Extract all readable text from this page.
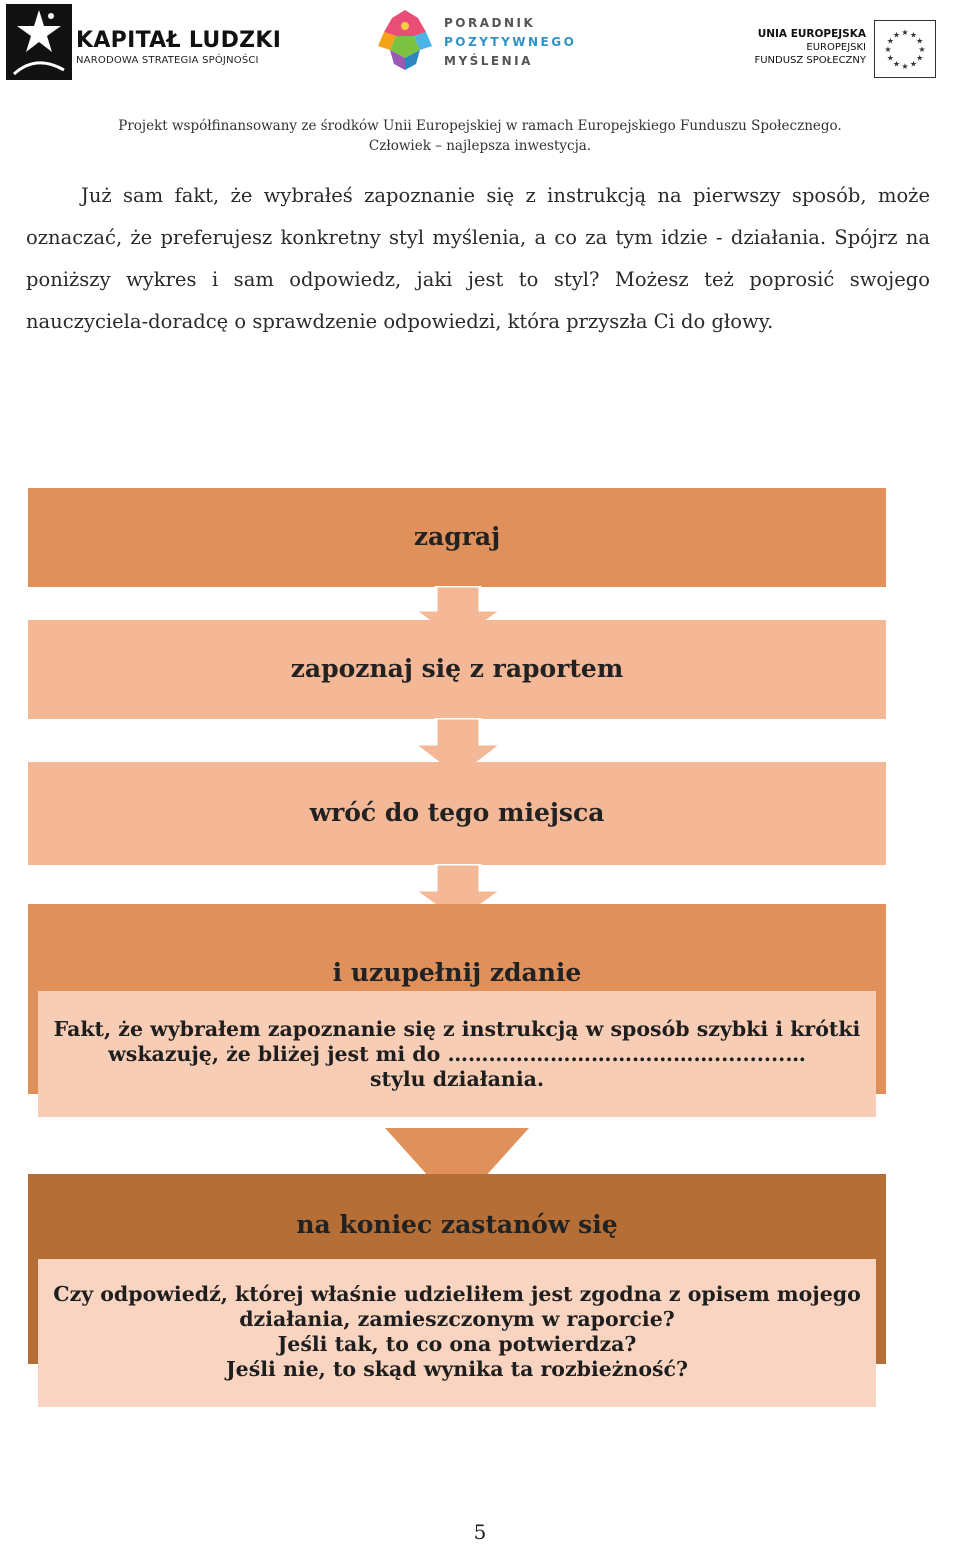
KAPITAŁ LUDZKI
NARODOWA STRATEGIA SPÓJNOŚCI
PORADNIK
POZYTYWNEGO
MYŚLENIA
UNIA EUROPEJSKA
EUROPEJSKI
FUNDUSZ SPOŁECZNY
★
★
★
★
★
★
★
★
★ ★ ★
★
Projekt współfinansowany ze środków Unii Europejskiej w ramach Europejskiego Funduszu Społecznego.
Człowiek – najlepsza inwestycja.
Już sam fakt, że wybrałeś zapoznanie się z instrukcją na pierwszy sposób, może oznaczać, że preferujesz konkretny styl myślenia, a co za tym idzie - działania. Spójrz na poniższy wykres i sam odpowiedz, jaki jest to styl? Możesz też poprosić swojego nauczyciela-doradcę o sprawdzenie odpowiedzi, która przyszła Ci do głowy.
zagraj
zapoznaj się z raportem
wróć do tego miejsca
i uzupełnij zdanie
Fakt, że wybrałem zapoznanie się z instrukcją w sposób szybki i krótki
wskazuję, że bliżej jest mi do …………………………………..........…
stylu działania.
na koniec zastanów się
Czy odpowiedź, której właśnie udzieliłem jest zgodna z opisem mojego
działania, zamieszczonym w raporcie?
Jeśli tak, to co ona potwierdza?
Jeśli nie, to skąd wynika ta rozbieżność?
5
